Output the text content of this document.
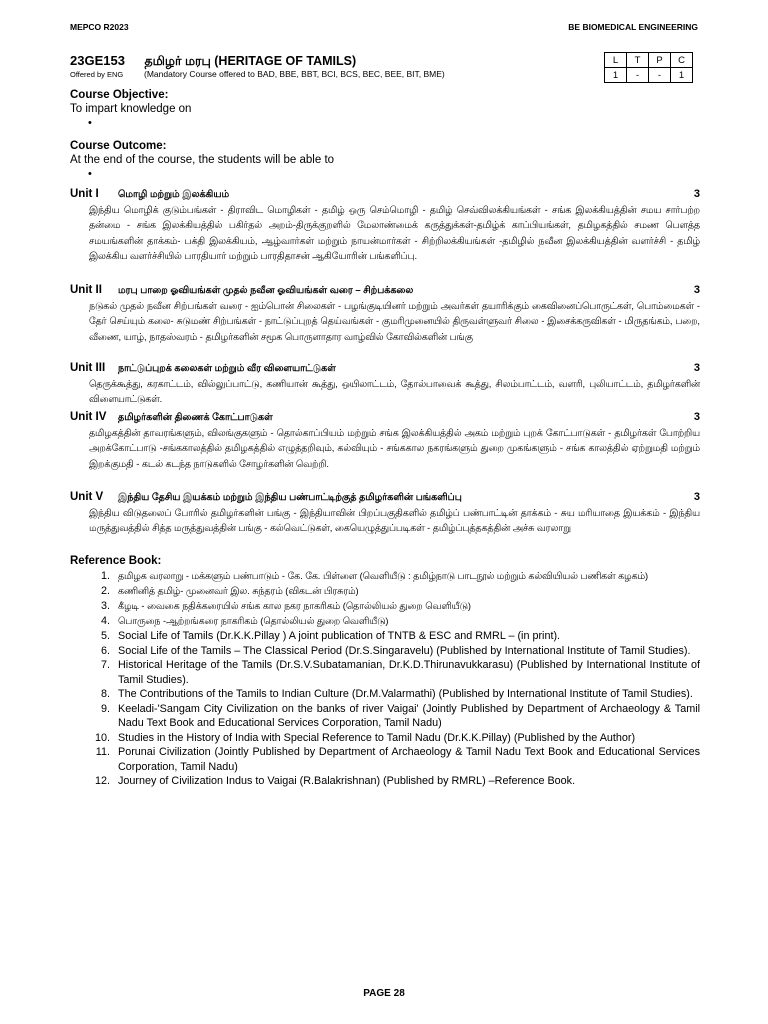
MEPCO R2023	BE BIOMEDICAL ENGINEERING
23GE153 தமிழர் மரபு (HERITAGE OF TAMILS)
Offered by ENG (Mandatory Course offered to BAD, BBE, BBT, BCI, BCS, BEC, BEE, BIT, BME)
L	T	P	C
1	-	-	1
Course Objective:
To impart knowledge on
•
Course Outcome:
At the end of the course, the students will be able to
•
Unit I	மொழி மற்றும் இலக்கியம்	3
இந்திய மொழிக் குடும்பங்கள் - திராவிட மொழிகள் - தமிழ் ஒரு செம்மொழி - தமிழ் செவ்விலக்கியங்கள் - சங்க இலக்கியத்தின் சமய சார்பற்ற தன்மை - சங்க இலக்கியத்தில் பகிர்தல் அறம்-திருக்குறளில் மேலாண்மைக் கருத்துக்கள்-தமிழ்க் காப்பியங்கள், தமிழகத்தில் சமண பௌத்த சமயங்களின் தாக்கம்- பக்தி இலக்கியம், ஆழ்வார்கள் மற்றும் நாயன்மார்கள் - சிற்றிலக்கியங்கள் -தமிழில் நவீன இலக்கியத்தின் வளர்ச்சி - தமிழ் இலக்கிய வளர்ச்சியில் பாரதியார் மற்றும் பாரதிதாசன் ஆகியோரின் பங்களிப்பு.
Unit II	மரபு பாறை ஓவியங்கள் முதல் நவீன ஓவியங்கள் வரை – சிற்பக்கலை	3
நடுகல் முதல் நவீன சிற்பங்கள் வரை - ஐம்பொன் சிலைகள் - பழங்குடியினர் மற்றும் அவர்கள் தயாரிக்கும் கைவினைப்பொருட்கள், பொம்மைகள் - தேர் செய்யும் கலை- சுடுமண் சிற்பங்கள் - நாட்டுப்புறத் தெய்வங்கள் - குமரிமுனையில் திருவள்ளுவர் சிலை - இசைக்கருவிகள் - மிருதங்கம், பறை, வீணை, யாழ், நாதஸ்வரம் - தமிழர்களின் சமூக பொருளாதார வாழ்வில் கோவில்களின் பங்கு
Unit III	நாட்டுப்புறக் கலைகள் மற்றும் வீர விளையாட்டுகள்	3
தெருக்கூத்து, கரகாட்டம், வில்லுப்பாட்டு, கணியான் கூத்து, ஒயிலாட்டம், தோல்பாவைக் கூத்து, சிலம்பாட்டம், வளரி, புலியாட்டம், தமிழர்களின் விளையாட்டுகள்.
Unit IV	தமிழர்களின் திணைக் கோட்பாடுகள்	3
தமிழகத்தின் தாவரங்களும், விலங்குகளும் - தொல்காப்பியம் மற்றும் சங்க இலக்கியத்தில் அகம் மற்றும் புறக் கோட்பாடுகள் - தமிழர்கள் போற்றிய அறக்கோட்பாடு -சங்ககாலத்தில் தமிழகத்தில் எழுத்தறிவும், கல்வியும் - சங்ககால நகரங்களும் துறை முகங்களும் - சங்க காலத்தில் ஏற்றுமதி மற்றும் இறக்குமதி - கடல் கடந்த நாடுகளில் சோழர்களின் வெற்றி.
Unit V	இந்திய தேசிய இயக்கம் மற்றும் இந்திய பண்பாட்டிற்குத் தமிழர்களின் பங்களிப்பு	3
இந்திய விடுதலைப் போரில் தமிழர்களின் பங்கு - இந்தியாவின் பிறப்பகுதிகளில் தமிழ்ப் பண்பாட்டின் தாக்கம் - சுய மரியாதை இயக்கம் - இந்திய மருத்துவத்தில் சித்த மருத்துவத்தின் பங்கு - கல்வெட்டுகள், கையெழுத்துப்படிகள் - தமிழ்ப்புத்தகத்தின் அச்சு வரலாறு
Reference Book:
1. தமிழக வரலாறு - மக்களும் பண்பாடும் - கே. கே. பிள்ளை (வெளியீடு : தமிழ்நாடு பாடநூல் மற்றும் கல்வியியல் பணிகள் கழகம்)
2. கணினித் தமிழ்- முனைவர் இல. சுந்தரம் (விகடன் பிரசுரம்)
3. கீழடி - வைகை நதிக்கரையில் சங்க கால நகர நாகரிகம் (தொல்லியல் துறை வெளியீடு)
4. பொருநை -ஆற்றங்கரை நாகரிகம் (தொல்லியல் துறை வெளியீடு)
5. Social Life of Tamils (Dr.K.K.Pillay ) A joint publication of TNTB & ESC and RMRL – (in print).
6. Social Life of the Tamils – The Classical Period (Dr.S.Singaravelu) (Published by International Institute of Tamil Studies).
7. Historical Heritage of the Tamils (Dr.S.V.Subatamanian, Dr.K.D.Thirunavukkarasu) (Published by International Institute of Tamil Studies).
8. The Contributions of the Tamils to Indian Culture (Dr.M.Valarmathi) (Published by International Institute of Tamil Studies).
9. Keeladi-'Sangam City Civilization on the banks of river Vaigai' (Jointly Published by Department of Archaeology & Tamil Nadu Text Book and Educational Services Corporation, Tamil Nadu)
10. Studies in the History of India with Special Reference to Tamil Nadu (Dr.K.K.Pillay) (Published by the Author)
11. Porunai Civilization (Jointly Published by Department of Archaeology & Tamil Nadu Text Book and Educational Services Corporation, Tamil Nadu)
12. Journey of Civilization Indus to Vaigai (R.Balakrishnan) (Published by RMRL) –Reference Book.
PAGE 28
